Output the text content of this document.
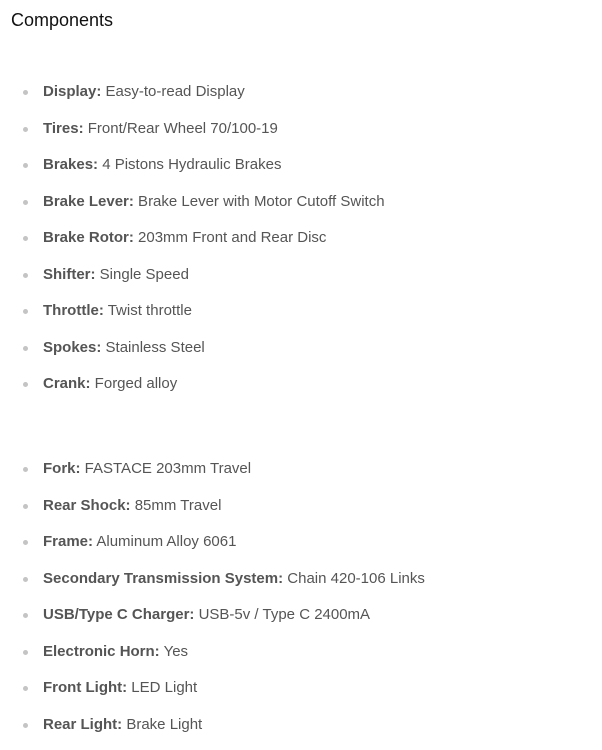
Components
Display: Easy-to-read Display
Tires: Front/Rear Wheel 70/100-19
Brakes: 4 Pistons Hydraulic Brakes
Brake Lever: Brake Lever with Motor Cutoff Switch
Brake Rotor: 203mm Front and Rear Disc
Shifter: Single Speed
Throttle: Twist throttle
Spokes: Stainless Steel
Crank: Forged alloy
Fork: FASTACE 203mm Travel
Rear Shock: 85mm Travel
Frame: Aluminum Alloy 6061
Secondary Transmission System: Chain 420-106 Links
USB/Type C Charger: USB-5v / Type C 2400mA
Electronic Horn: Yes
Front Light: LED Light
Rear Light: Brake Light
